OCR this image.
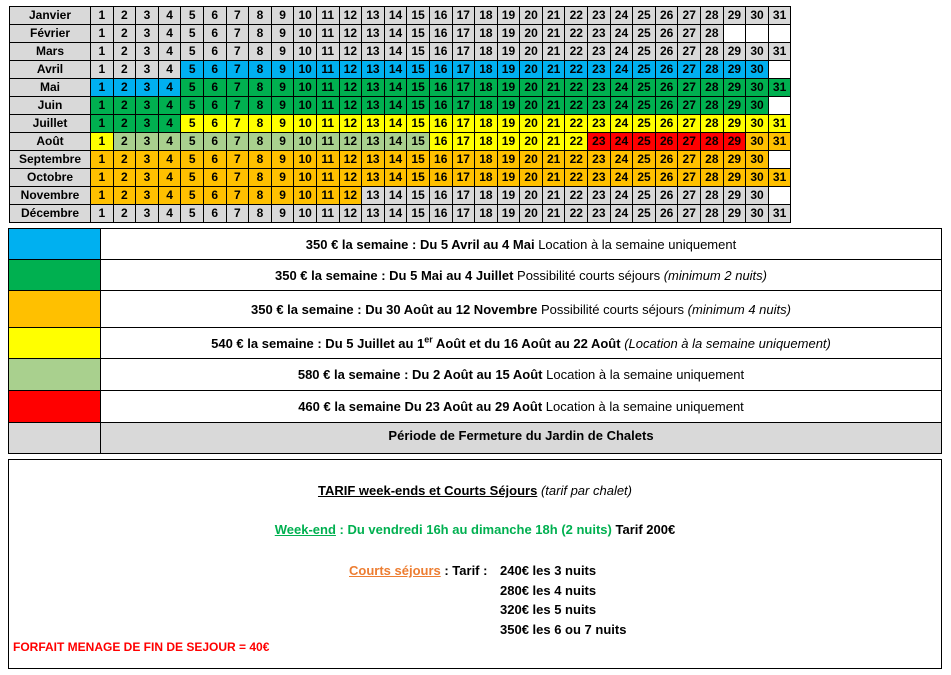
Janvier	1	2	3	4	5	6	7	8	9	10	11	12	13	14	15	16	17	18	19	20	21	22	23	24	25	26	27	28	29	30	31
Février	1	2	3	4	5	6	7	8	9	10	11	12	13	14	15	16	17	18	19	20	21	22	23	24	25	26	27	28			
Mars	1	2	3	4	5	6	7	8	9	10	11	12	13	14	15	16	17	18	19	20	21	22	23	24	25	26	27	28	29	30	31
Avril	1	2	3	4	5	6	7	8	9	10	11	12	13	14	15	16	17	18	19	20	21	22	23	24	25	26	27	28	29	30	
Mai	1	2	3	4	5	6	7	8	9	10	11	12	13	14	15	16	17	18	19	20	21	22	23	24	25	26	27	28	29	30	31
Juin	1	2	3	4	5	6	7	8	9	10	11	12	13	14	15	16	17	18	19	20	21	22	23	24	25	26	27	28	29	30	
Juillet	1	2	3	4	5	6	7	8	9	10	11	12	13	14	15	16	17	18	19	20	21	22	23	24	25	26	27	28	29	30	31
Août	1	2	3	4	5	6	7	8	9	10	11	12	13	14	15	16	17	18	19	20	21	22	23	24	25	26	27	28	29	30	31
Septembre	1	2	3	4	5	6	7	8	9	10	11	12	13	14	15	16	17	18	19	20	21	22	23	24	25	26	27	28	29	30	
Octobre	1	2	3	4	5	6	7	8	9	10	11	12	13	14	15	16	17	18	19	20	21	22	23	24	25	26	27	28	29	30	31
Novembre	1	2	3	4	5	6	7	8	9	10	11	12	13	14	15	16	17	18	19	20	21	22	23	24	25	26	27	28	29	30	
Décembre	1	2	3	4	5	6	7	8	9	10	11	12	13	14	15	16	17	18	19	20	21	22	23	24	25	26	27	28	29	30	31
	350 € la semaine : Du 5 Avril au 4 Mai Location à la semaine uniquement
	350 € la semaine : Du 5 Mai au 4 Juillet Possibilité courts séjours (minimum 2 nuits)
	350 € la semaine : Du 30 Août au 12 Novembre Possibilité courts séjours (minimum 4 nuits)
	540 € la semaine : Du 5 Juillet au 1er Août et du 16 Août au 22 Août (Location à la semaine uniquement)
	580 € la semaine : Du 2 Août au 15 Août Location à la semaine uniquement
	460 € la semaine Du 23 Août au 29 Août Location à la semaine uniquement
	Période de Fermeture du Jardin de Chalets
TARIF week-ends et Courts Séjours (tarif par chalet)
Week-end : Du vendredi 16h au dimanche 18h (2 nuits) Tarif 200€
Courts séjours : Tarif : 240€ les 3 nuits
280€ les 4 nuits
320€ les 5 nuits
350€ les 6 ou 7 nuits
FORFAIT MENAGE DE FIN DE SEJOUR = 40€
